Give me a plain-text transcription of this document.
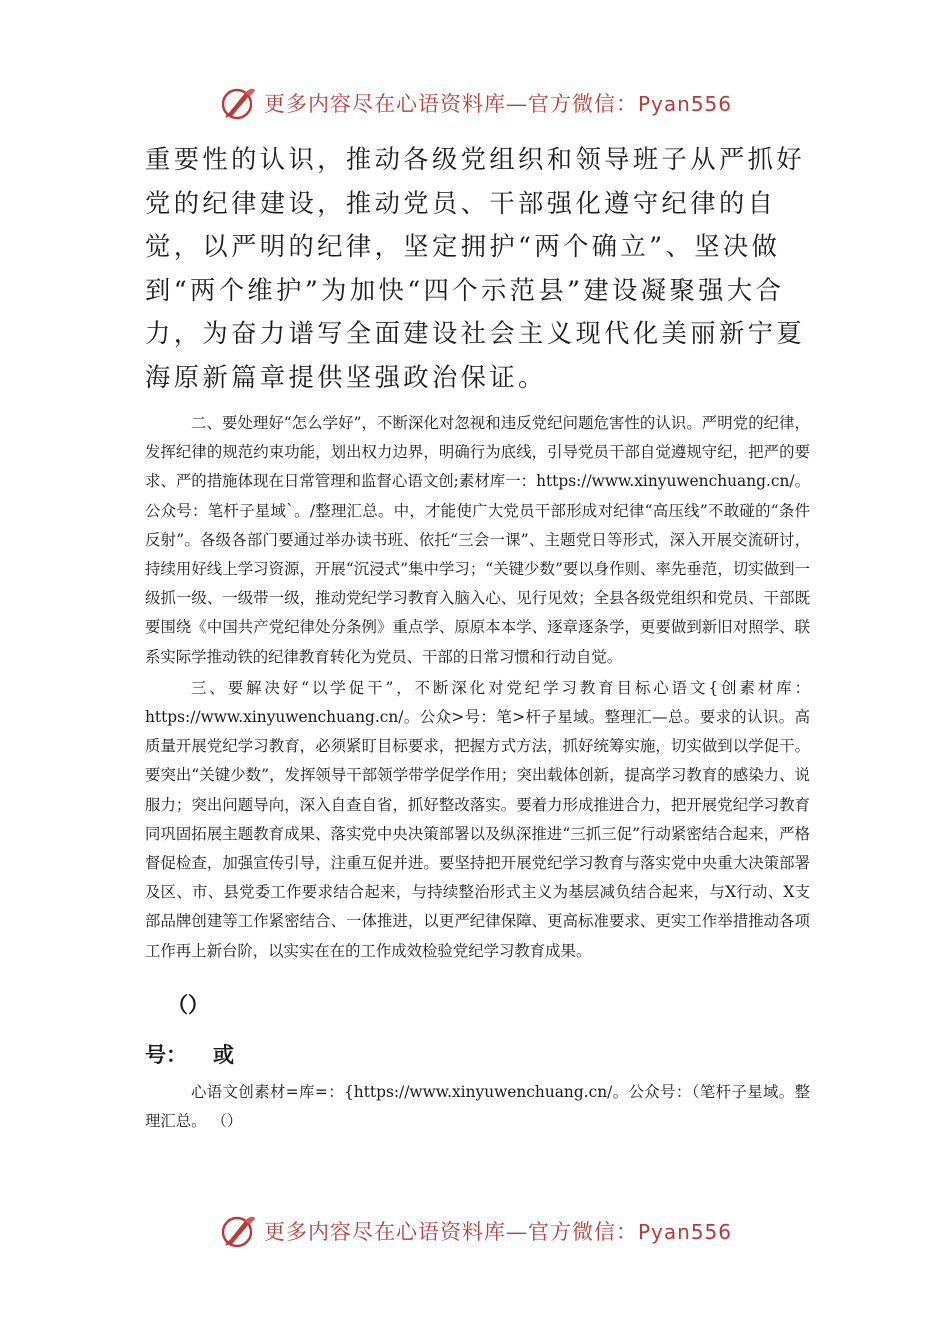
更多内容尽在心语资料库—官方微信：Pyan556

重要性的认识，推动各级党组织和领导班子从严抓好党的纪律建设，推动党员、干部强化遵守纪律的自觉，以严明的纪律，坚定拥护“两个确立”、坚决做到“两个维护”为加快“四个示范县”建设凝聚强大合力，为奋力谱写全面建设社会主义现代化美丽新宁夏海原新篇章提供坚强政治保证。

二、要处理好“怎么学好”，不断深化对忽视和违反党纪问题危害性的认识。严明党的纪律，发挥纪律的规范约束功能，划出权力边界，明确行为底线，引导党员干部自觉遵规守纪，把严的要求、严的措施体现在日常管理和监督心语文创;素材库一：https://www.xinyuwenchuang.cn/。公众号：笔杆子星域`。/整理汇总。中，才能使广大党员干部形成对纪律“高压线”不敢碰的“条件反射”。各级各部门要通过举办读书班、依托“三会一课”、主题党日等形式，深入开展交流研讨，持续用好线上学习资源，开展“沉浸式”集中学习；“关键少数”要以身作则、率先垂范，切实做到一级抓一级、一级带一级，推动党纪学习教育入脑入心、见行见效；全县各级党组织和党员、干部既要围绕《中国共产党纪律处分条例》重点学、原原本本学、逐章逐条学，更要做到新旧对照学、联系实际学推动铁的纪律教育转化为党员、干部的日常习惯和行动自觉。

三、要解决好“以学促干”，不断深化对党纪学习教育目标心语文{创素材库：https://www.xinyuwenchuang.cn/。公众>号：笔>杆子星域。整理汇—总。要求的认识。高质量开展党纪学习教育，必须紧盯目标要求，把握方式方法，抓好统筹实施，切实做到以学促干。要突出“关键少数”，发挥领导干部领学带学促学作用；突出载体创新，提高学习教育的感染力、说服力；突出问题导向，深入自查自省，抓好整改落实。要着力形成推进合力，把开展党纪学习教育同巩固拓展主题教育成果、落实党中央决策部署以及纵深推进“三抓三促”行动紧密结合起来，严格督促检查，加强宣传引导，注重互促并进。要坚持把开展党纪学习教育与落实党中央重大决策部署及区、市、县党委工作要求结合起来，与持续整治形式主义为基层减负结合起来，与X行动、X支部品牌创建等工作紧密结合、一体推进，以更严纪律保障、更高标准要求、更实工作举措推动各项工作再上新台阶，以实实在在的工作成效检验党纪学习教育成果。

（）
号： 或

心语文创素材=库=：{https://www.xinyuwenchuang.cn/。公众号：（笔杆子星域。整理汇总。 （）

更多内容尽在心语资料库—官方微信：Pyan556
